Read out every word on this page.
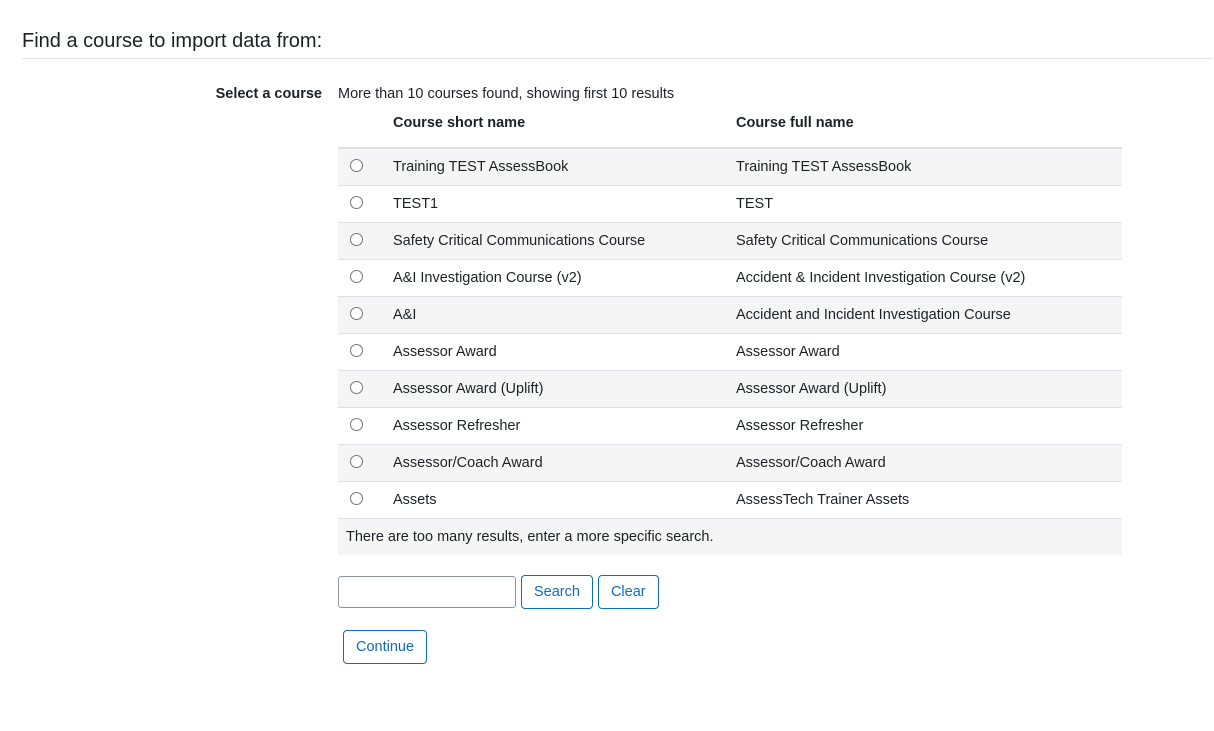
Find a course to import data from:
Select a course More than 10 courses found, showing first 10 results
	Course short name	Course full name
	Training TEST AssessBook	Training TEST AssessBook
	TEST1	TEST
	Safety Critical Communications Course	Safety Critical Communications Course
	A&I Investigation Course (v2)	Accident & Incident Investigation Course (v2)
	A&I	Accident and Incident Investigation Course
	Assessor Award	Assessor Award
	Assessor Award (Uplift)	Assessor Award (Uplift)
	Assessor Refresher	Assessor Refresher
	Assessor/Coach Award	Assessor/Coach Award
	Assets	AssessTech Trainer Assets
There are too many results, enter a more specific search.
Search	Clear
Continue
